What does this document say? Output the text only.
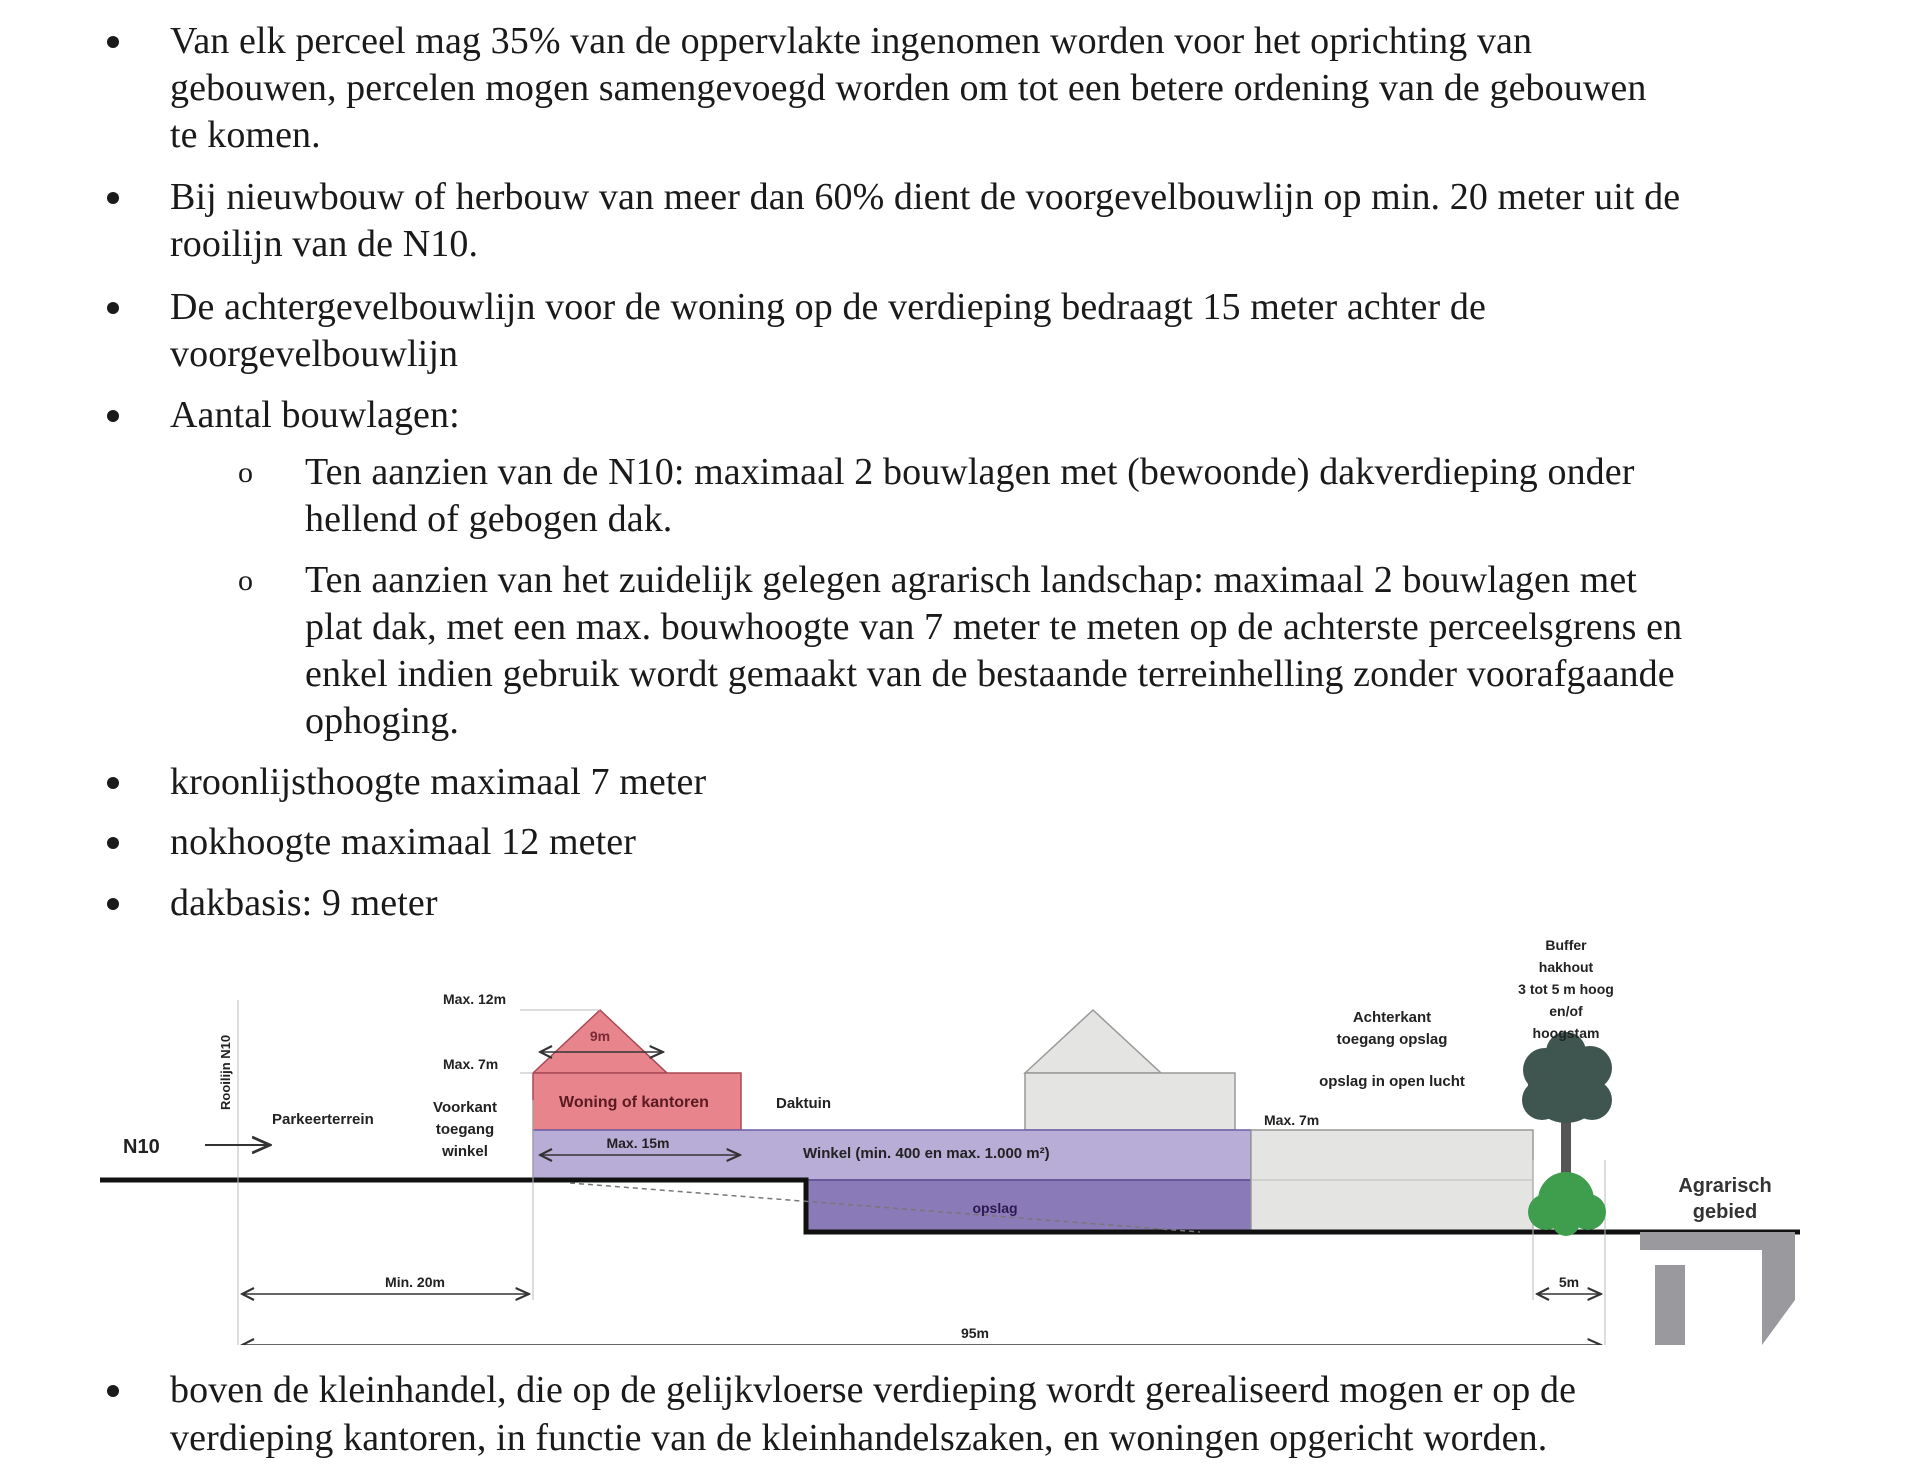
Van elk perceel mag 35% van de oppervlakte ingenomen worden voor het oprichting van
gebouwen, percelen mogen samengevoegd worden om tot een betere ordening van de gebouwen
te komen.
Bij nieuwbouw of herbouw van meer dan 60% dient de voorgevelbouwlijn op min. 20 meter uit de
rooilijn van de N10.
De achtergevelbouwlijn voor de woning op de verdieping bedraagt 15 meter achter de
voorgevelbouwlijn
Aantal bouwlagen:
o Ten aanzien van de N10: maximaal 2 bouwlagen met (bewoonde) dakverdieping onder
hellend of gebogen dak.
o Ten aanzien van het zuidelijk gelegen agrarisch landschap: maximaal 2 bouwlagen met
plat dak, met een max. bouwhoogte van 7 meter te meten op de achterste perceelsgrens en
enkel indien gebruik wordt gemaakt van de bestaande terreinhelling zonder voorafgaande
ophoging.
kroonlijsthoogte maximaal 7 meter
nokhoogte maximaal 12 meter
dakbasis: 9 meter
N10
Rooilijn N10
Parkeerterrein
Voorkant
toegang
winkel
Max. 12m
Max. 7m
9m
Woning of kantoren	Daktuin
Max. 15m
Winkel (min. 400 en max. 1.000 m²)
opslag
Max. 7m
Achterkant
toegang opslag
opslag in open lucht
Buffer
hakhout
3 tot 5 m hoog
en/of
hoogstam
Agrarisch
gebied
Min. 20m	5m
95m
boven de kleinhandel, die op de gelijkvloerse verdieping wordt gerealiseerd mogen er op de
verdieping kantoren, in functie van de kleinhandelszaken, en woningen opgericht worden.
